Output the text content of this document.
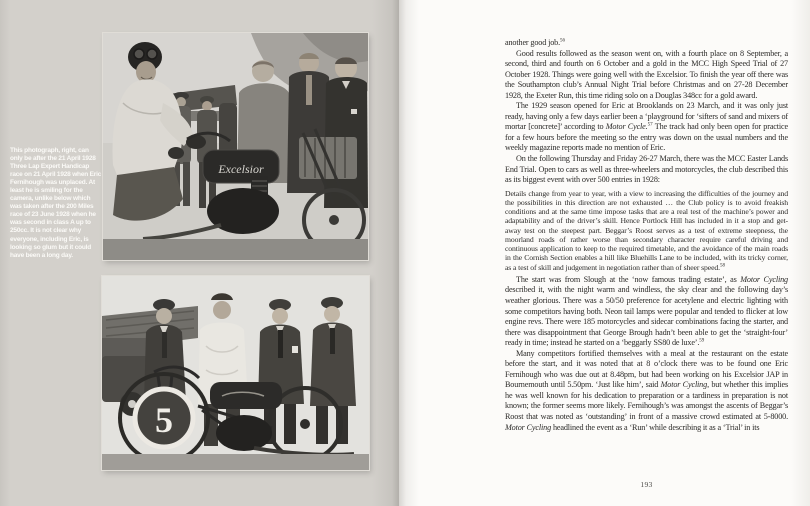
This photograph, right, can only be after the 21 April 1928 Three Lap Expert Handicap race on 21 April 1928 when Eric Fernihough was unplaced. At least he is smiling for the camera, unlike below which was taken after the 200 Miles race of 23 June 1928 when he was second in class A up to 250cc. It is not clear why everyone, including Eric, is looking so glum but it could have been a long day.
Excelsior
5

another good job.$^{56}$

Good results followed as the season went on, with a fourth place on 8 September, a second, third and fourth on 6 October and a gold in the MCC High Speed Trial of 27 October 1928. Things were going well with the Excelsior. To finish the year off there was the Southampton club’s Annual Night Trial before Christmas and on 27-28 December 1928, the Exeter Run, this time riding solo on a Douglas 348cc for a gold award.

The 1929 season opened for Eric at Brooklands on 23 March, and it was only just ready, having only a few days earlier been a ‘playground for ‘sifters of sand and mixers of mortar [concrete]’ according to Motor Cycle.$^{57}$ The track had only been open for practice for a few hours before the meeting so the entry was down on the usual numbers and the weekly magazine reports made no mention of Eric.

On the following Thursday and Friday 26-27 March, there was the MCC Easter Lands End Trial. Open to cars as well as three-wheelers and motorcycles, the club described this as its biggest event with over 500 entries in 1928:

Details change from year to year, with a view to increasing the difficulties of the journey and the possibilities in this direction are not exhausted … the Club policy is to avoid freakish conditions and at the same time impose tasks that are a real test of the machine’s power and adaptability and of the driver’s skill. Hence Portlock Hill has included in it a stop and get-away test on the steepest part. Beggar’s Roost serves as a test of extreme steepness, the moorland roads of rather worse than secondary character require careful driving and continuous application to keep to the required timetable, and the avoidance of the main roads in the Cornish Section enables a hill like Bluehills Lane to be included, with its tricky corner, as a test of skill and judgement in negotiation rather than of sheer speed.$^{58}$

The start was from Slough at the ‘now famous trading estate’, as Motor Cycling described it, with the night warm and windless, the sky clear and the following day’s weather glorious. There was a 50/50 preference for acetylene and electric lighting with some competitors having both. Neon tail lamps were popular and tended to flicker at low engine revs. There were 185 motorcycles and sidecar combinations facing the starter, and there was disappointment that George Brough hadn’t been able to get the ‘straight-four’ ready in time; instead he started on a ‘beggarly SS80 de luxe’.$^{59}$

Many competitors fortified themselves with a meal at the restaurant on the estate before the start, and it was noted that at 8 o’clock there was to be found one Eric Fernihough who was due out at 8.48pm, but had been working on his Excelsior JAP in Bournemouth until 5.50pm. ‘Just like him’, said Motor Cycling, but whether this implies he was well known for his dedication to preparation or a tardiness in preparation is not known; the former seems more likely. Fernihough’s was amongst the ascents of Beggar’s Roost that was noted as ‘outstanding’ in front of a massive crowd estimated at 5-8000. Motor Cycling headlined the event as a ‘Run’ while describing it as a ‘Trial’ in its

193
